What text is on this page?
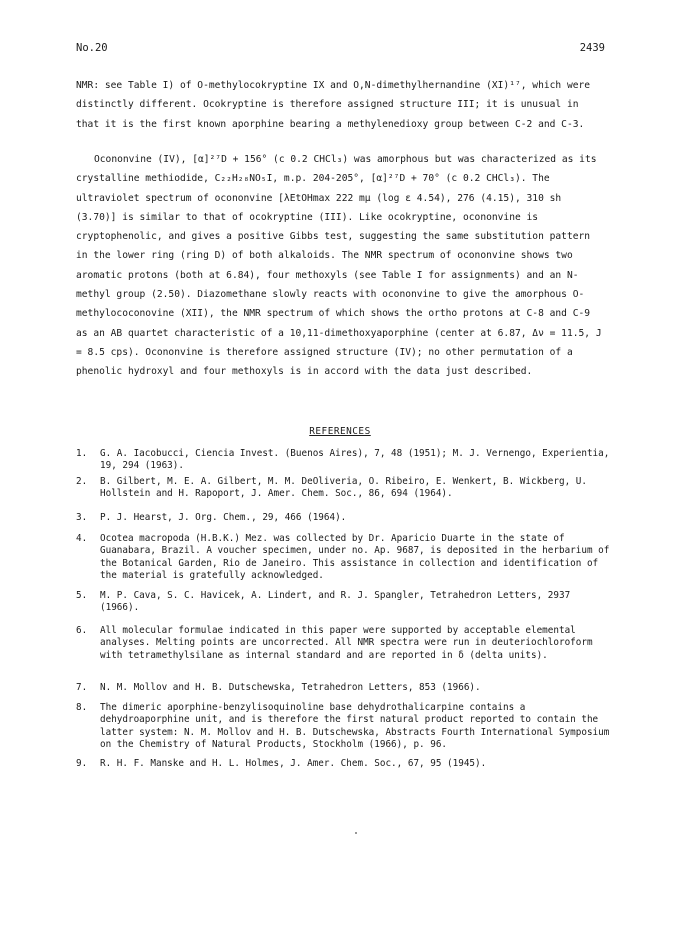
No.20	2439

NMR: see Table I) of O-methylocokryptine IX and O,N-dimethylhernandine (XI)¹⁷, which were distinctly different. Ocokryptine is therefore assigned structure III; it is unusual in that it is the first known aporphine bearing a methylenedioxy group between C-2 and C-3.

Ocononvine (IV), [α]²⁷D + 156° (c 0.2 CHCl₃) was amorphous but was characterized as its crystalline methiodide, C₂₂H₂₈NO₅I, m.p. 204-205°, [α]²⁷D + 70° (c 0.2 CHCl₃). The ultraviolet spectrum of ocononvine [λEtOHmax 222 mμ (log ε 4.54), 276 (4.15), 310 sh (3.70)] is similar to that of ocokryptine (III). Like ocokryptine, ocononvine is cryptophenolic, and gives a positive Gibbs test, suggesting the same substitution pattern in the lower ring (ring D) of both alkaloids. The NMR spectrum of ocononvine shows two aromatic protons (both at 6.84), four methoxyls (see Table I for assignments) and an N-methyl group (2.50). Diazomethane slowly reacts with ocononvine to give the amorphous O-methylococonovine (XII), the NMR spectrum of which shows the ortho protons at C-8 and C-9 as an AB quartet characteristic of a 10,11-dimethoxyaporphine (center at 6.87, Δν = 11.5, J = 8.5 cps). Ocononvine is therefore assigned structure (IV); no other permutation of a phenolic hydroxyl and four methoxyls is in accord with the data just described.

REFERENCES
1.	G. A. Iacobucci, Ciencia Invest. (Buenos Aires), 7, 48 (1951); M. J. Vernengo, Experientia, 19, 294 (1963).
2.	B. Gilbert, M. E. A. Gilbert, M. M. DeOliveria, O. Ribeiro, E. Wenkert, B. Wickberg, U. Hollstein and H. Rapoport, J. Amer. Chem. Soc., 86, 694 (1964).
3.	P. J. Hearst, J. Org. Chem., 29, 466 (1964).
4.	Ocotea macropoda (H.B.K.) Mez. was collected by Dr. Aparicio Duarte in the state of Guanabara, Brazil. A voucher specimen, under no. Ap. 9687, is deposited in the herbarium of the Botanical Garden, Rio de Janeiro. This assistance in collection and identification of the material is gratefully acknowledged.
5.	M. P. Cava, S. C. Havicek, A. Lindert, and R. J. Spangler, Tetrahedron Letters, 2937 (1966).
6.	All molecular formulae indicated in this paper were supported by acceptable elemental analyses. Melting points are uncorrected. All NMR spectra were run in deuteriochloroform with tetramethylsilane as internal standard and are reported in δ (delta units).
7.	N. M. Mollov and H. B. Dutschewska, Tetrahedron Letters, 853 (1966).
8.	The dimeric aporphine-benzylisoquinoline base dehydrothalicarpine contains a dehydroaporphine unit, and is therefore the first natural product reported to contain the latter system: N. M. Mollov and H. B. Dutschewska, Abstracts Fourth International Symposium on the Chemistry of Natural Products, Stockholm (1966), p. 96.
9.	R. H. F. Manske and H. L. Holmes, J. Amer. Chem. Soc., 67, 95 (1945).
